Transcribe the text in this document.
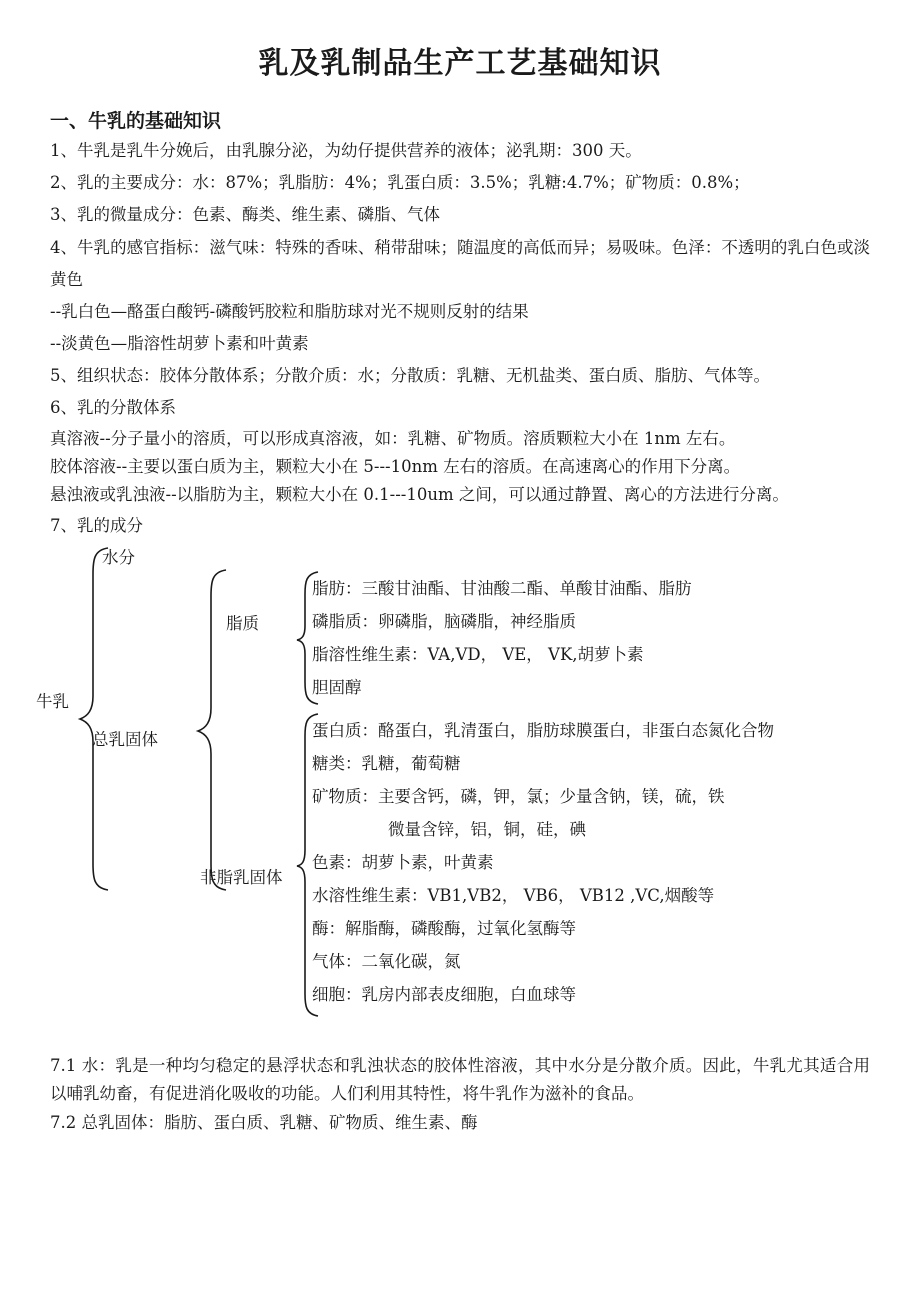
乳及乳制品生产工艺基础知识
一、牛乳的基础知识

1、牛乳是乳牛分娩后，由乳腺分泌，为幼仔提供营养的液体；泌乳期：300 天。

2、乳的主要成分：水：87%；乳脂肪：4%；乳蛋白质：3.5%；乳糖:4.7%；矿物质：0.8%；

3、乳的微量成分：色素、酶类、维生素、磷脂、气体

4、牛乳的感官指标：滋气味：特殊的香味、稍带甜味；随温度的高低而异；易吸味。色泽：不透明的乳白色或淡黄色

--乳白色—酪蛋白酸钙-磷酸钙胶粒和脂肪球对光不规则反射的结果

--淡黄色—脂溶性胡萝卜素和叶黄素

5、组织状态：胶体分散体系；分散介质：水；分散质：乳糖、无机盐类、蛋白质、脂肪、气体等。

6、乳的分散体系

真溶液--分子量小的溶质，可以形成真溶液，如：乳糖、矿物质。溶质颗粒大小在 1nm 左右。

胶体溶液--主要以蛋白质为主，颗粒大小在 5---10nm 左右的溶质。在高速离心的作用下分离。

悬浊液或乳浊液--以脂肪为主，颗粒大小在 0.1---10um 之间，可以通过静置、离心的方法进行分离。

7、乳的成分

牛乳
水分
总乳固体
脂质
非脂乳固体
脂肪：三酸甘油酯、甘油酸二酯、单酸甘油酯、脂肪
磷脂质：卵磷脂，脑磷脂，神经脂质
脂溶性维生素：VA,VD， VE， VK,胡萝卜素
胆固醇
蛋白质：酪蛋白，乳清蛋白，脂肪球膜蛋白，非蛋白态氮化合物
糖类：乳糖，葡萄糖
矿物质：主要含钙，磷，钾，氯；少量含钠，镁，硫，铁
微量含锌，铝，铜，硅，碘
色素：胡萝卜素，叶黄素
水溶性维生素：VB1,VB2， VB6， VB12 ,VC,烟酸等
酶：解脂酶，磷酸酶，过氧化氢酶等
气体：二氧化碳，氮
细胞：乳房内部表皮细胞，白血球等

7.1 水：乳是一种均匀稳定的悬浮状态和乳浊状态的胶体性溶液，其中水分是分散介质。因此，牛乳尤其适合用以哺乳幼畜，有促进消化吸收的功能。人们利用其特性，将牛乳作为滋补的食品。

7.2 总乳固体：脂肪、蛋白质、乳糖、矿物质、维生素、酶
